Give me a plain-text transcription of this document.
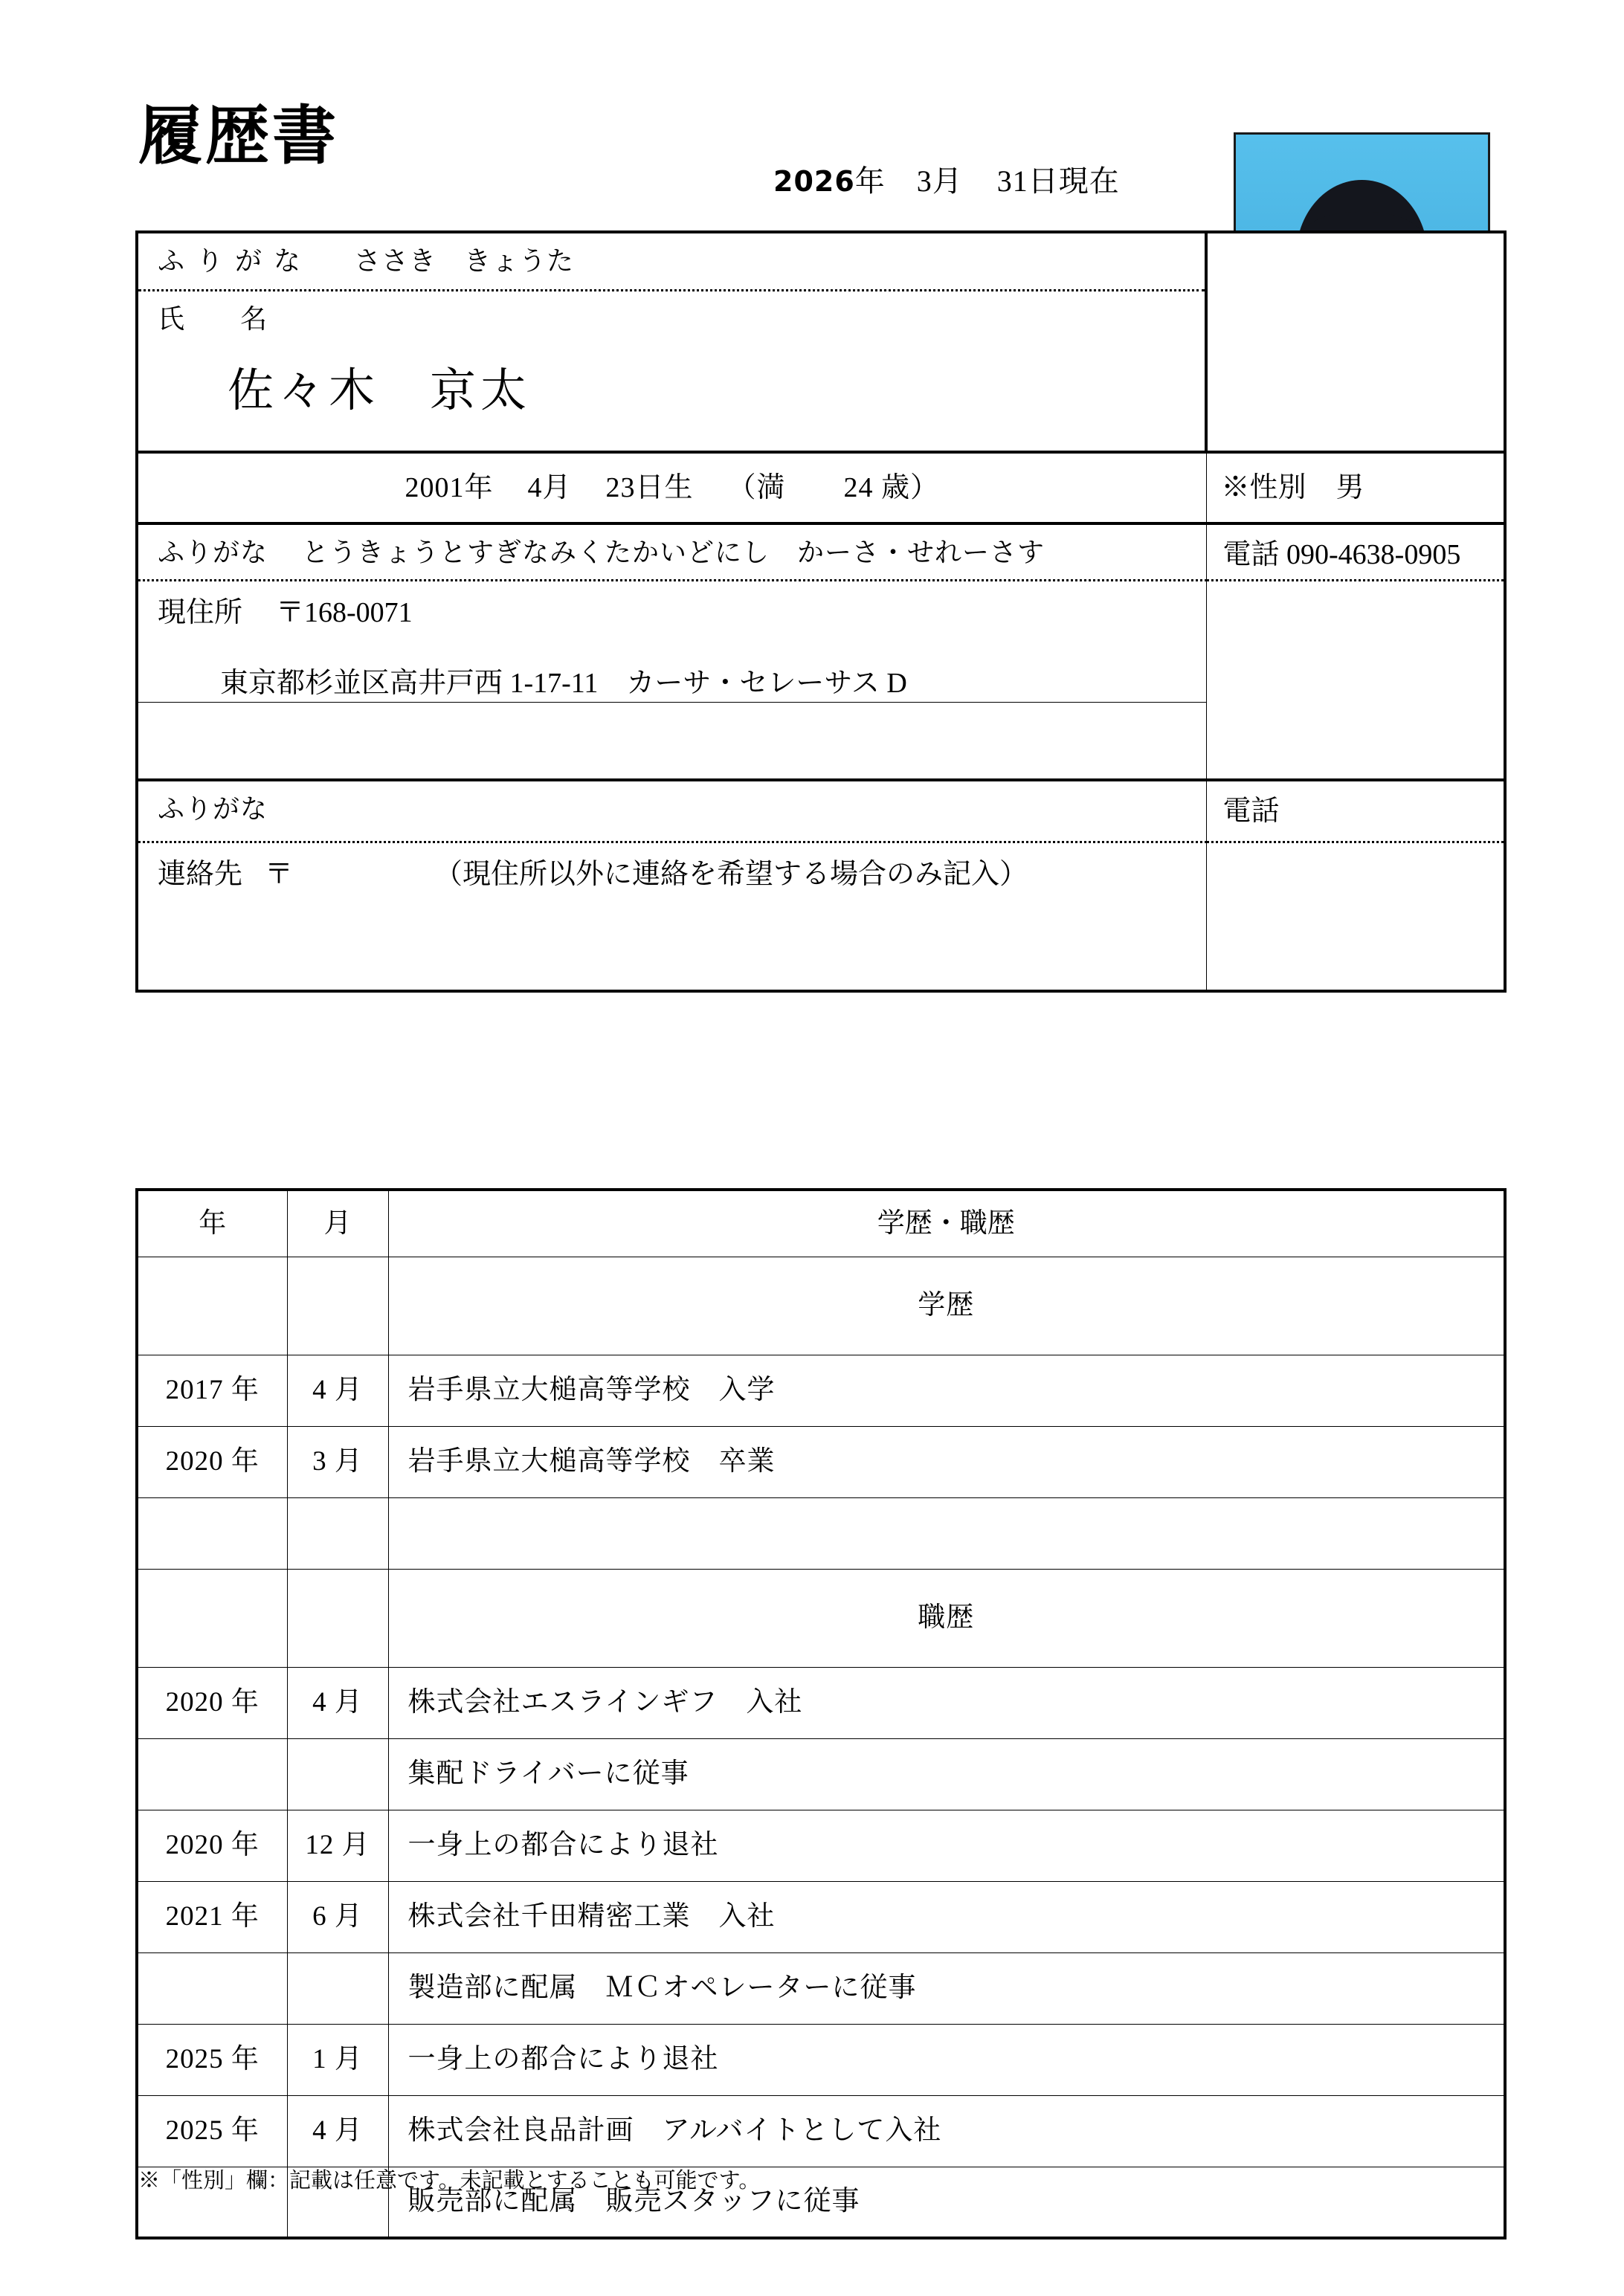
履歴書
2026年 3月 31日現在
ふりがな ささき　きょうた	

氏　　名
佐々木　京太	

2001年 4月 23日生 （満　　24 歳）	※性別 男

ふりがな とうきょうとすぎなみくたかいどにし　かーさ・せれーさす	電話 090-4638-0905

現住所 〒168-0071
東京都杉並区高井戸西 1-17-11　カーサ・セレーサス D	

ふりがな	電話

連絡先 〒 （現住所以外に連絡を希望する場合のみ記入）	

年	月	学歴・職歴
		学歴
2017 年	4 月	岩手県立大槌高等学校　入学
2020 年	3 月	岩手県立大槌高等学校　卒業

		職歴
2020 年	4 月	株式会社エスラインギフ　入社
		集配ドライバーに従事
2020 年	12 月	一身上の都合により退社
2021 年	6 月	株式会社千田精密工業　入社
		製造部に配属　ＭＣオペレーターに従事
2025 年	1 月	一身上の都合により退社
2025 年	4 月	株式会社良品計画　アルバイトとして入社
		販売部に配属　販売スタッフに従事
※「性別」欄：記載は任意です。未記載とすることも可能です。
